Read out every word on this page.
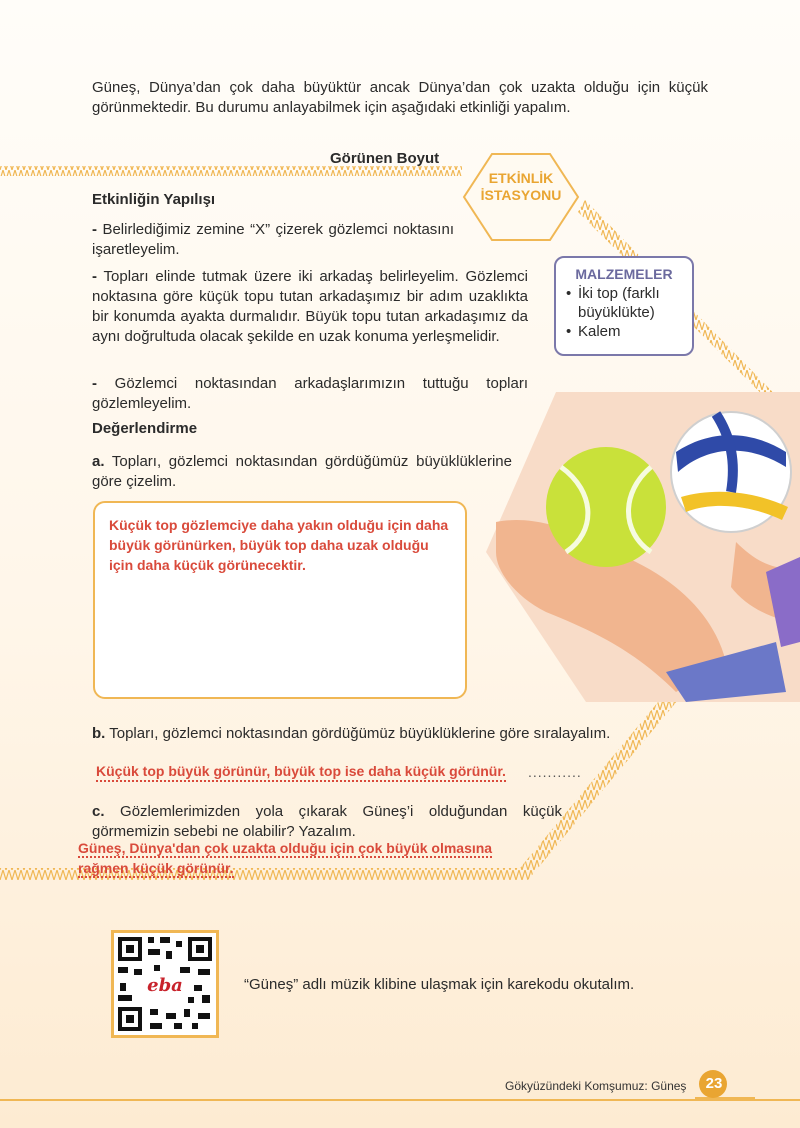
Güneş, Dünya’dan çok daha büyüktür ancak Dünya’dan çok uzakta olduğu için küçük görünmektedir. Bu durumu anlayabilmek için aşağıdaki etkinliği yapalım.
Görünen Boyut
ETKİNLİK
İSTASYONU
Etkinliğin Yapılışı
- Belirlediğimiz zemine “X” çizerek gözlemci noktasını işaretleyelim.
- Topları elinde tutmak üzere iki arkadaş belirleyelim. Gözlemci noktasına göre küçük topu tutan arkadaşımız bir adım uzaklıkta bir konumda ayakta durmalıdır. Büyük topu tutan arkadaşımız da aynı doğrultuda olacak şekilde en uzak konuma yerleşmelidir.
- Gözlemci noktasından arkadaşlarımızın tuttuğu topları gözlemleyelim.
MALZEMELER
• İki top (farklı büyüklükte)
• Kalem
Değerlendirme
a. Topları, gözlemci noktasından gördüğümüz büyüklüklerine göre çizelim.
Küçük top gözlemciye daha yakın olduğu için daha büyük görünürken, büyük top daha uzak olduğu için daha küçük görünecektir.
b. Topları, gözlemci noktasından gördüğümüz büyüklüklerine göre sıralayalım.
Küçük top büyük görünür, büyük top ise daha küçük görünür. ...........
c. Gözlemlerimizden yola çıkarak Güneş’i olduğundan küçük görmemizin sebebi ne olabilir? Yazalım.
Güneş, Dünya'dan çok uzakta olduğu için çok büyük olmasına
rağmen küçük görünür.
eba	“Güneş” adlı müzik klibine ulaşmak için karekodu okutalım.
Gökyüzündeki Komşumuz: Güneş	23
